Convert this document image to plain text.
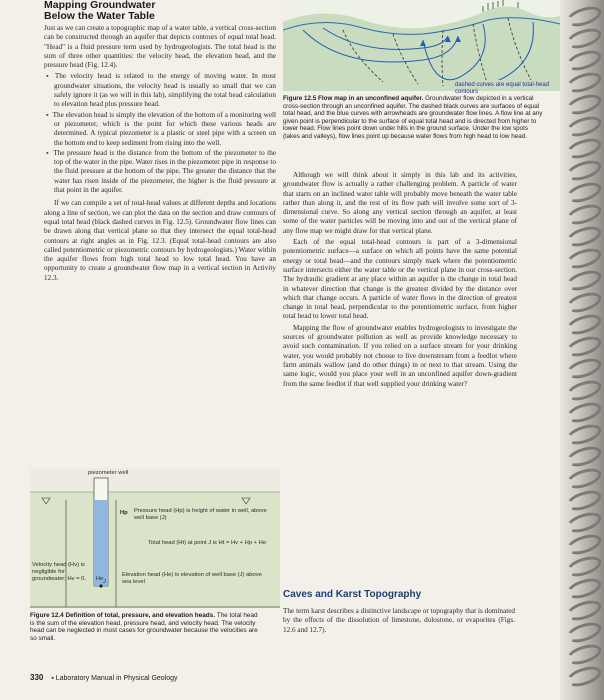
Mapping Groundwater
Below the Water Table

Just as we can create a topographic map of a water table, a vertical cross-section can be constructed through an aquifer that depicts contours of equal total head. "Head" is a fluid pressure term used by hydrogeologists. The total head is the sum of three other quantities: the velocity head, the elevation head, and the pressure head (Fig. 12.4).

▪ The velocity head is related to the energy of moving water. In most groundwater situations, the velocity head is usually so small that we can safely ignore it (as we will in this lab), simplifying the total head calculation to elevation head plus pressure head.
▪ The elevation head is simply the elevation of the bottom of a monitoring well or piezometer, which is the point for which these various heads are determined. A typical piezometer is a plastic or steel pipe with a screen on the bottom end to keep sediment from rising into the well.
▪ The pressure head is the distance from the bottom of the piezometer to the top of the water in the pipe. Water rises in the piezometer pipe in response to the fluid pressure at the bottom of the pipe. The greater the distance that the water has risen inside of the piezometer, the higher is the fluid pressure at that point in the aquifer.

If we can compile a set of total-head values at different depths and locations along a line of section, we can plot the data on the section and draw contours of equal total head (black dashed curves in Fig. 12.5). Groundwater flow lines can be drawn along that vertical plane so that they intersect the equal total-head contours at right angles as in Fig. 12.3. (Equal total-head contours are also called potentiometric or piezometric contours by hydrogeologists.) Water within the aquifer flows from high total head to low total head. You have an opportunity to create a groundwater flow map in a vertical section in Activity 12.3.

dashed curves are equal total-head contours
Figure 12.5 Flow map in an unconfined aquifer. Groundwater flow depicted in a vertical cross-section through an unconfined aquifer. The dashed black curves are surfaces of equal total head, and the blue curves with arrowheads are groundwater flow lines. A flow line at any given point is perpendicular to the surface of equal total head and is directed from higher to lower head. Flow lines point down under hills in the ground surface. Under the low spots (lakes and valleys), flow lines point up because water flows from high head to low head.

Although we will think about it simply in this lab and its activities, groundwater flow is actually a rather challenging problem. A particle of water that starts on an inclined water table will probably move beneath the water table rather than along it, and the rest of its flow path will involve some sort of 3-dimensional curve. So along any vertical section through an aquifer, at least some of the water particles will be moving into and out of the vertical plane of any flow map we might draw for that vertical plane.

Each of the equal total-head contours is part of a 3-dimensional potentiometric surface—a surface on which all points have the same potential energy or total head—and the contours simply mark where the potentiometric surface intersects either the water table or the vertical plane in our cross-section. The hydraulic gradient at any place within an aquifer is the change in total head in whatever direction that change is the greatest divided by the distance over which that change occurs. A particle of water flows in the direction of greatest change in total head, perpendicular to the potentiometric surface, from higher total head to lower total head.

Mapping the flow of groundwater enables hydrogeologists to investigate the sources of groundwater pollution as well as provide knowledge necessary to avoid such contamination. If you relied on a surface stream for your drinking water, you would probably not choose to live downstream from a feedlot where farm animals wallow (and do other things) in or next to that stream. Using the same logic, would you place your well in an unconfined aquifer down-gradient from the same feedlot if that well supplied your drinking water?

piezometer well
Hp	Pressure head (Hp) is height of water in well, above well base (J)
Total head (Ht) at point J is Ht = Hv + Hp + He
Velocity head (Hv) is negligible for groundwater; Hv = 0.	He
Elevation head (He) is elevation of well base (J) above sea level
J
Figure 12.4 Definition of total, pressure, and elevation heads. The total head is the sum of the elevation head, pressure head, and velocity head. The velocity head can be neglected in most cases for groundwater because the velocities are so small.
Caves and Karst Topography
The term karst describes a distinctive landscape or topography that is dominated by the effects of the dissolution of limestone, dolostone, or evaporites (Figs. 12.6 and 12.7).
330 ▪ Laboratory Manual in Physical Geology
